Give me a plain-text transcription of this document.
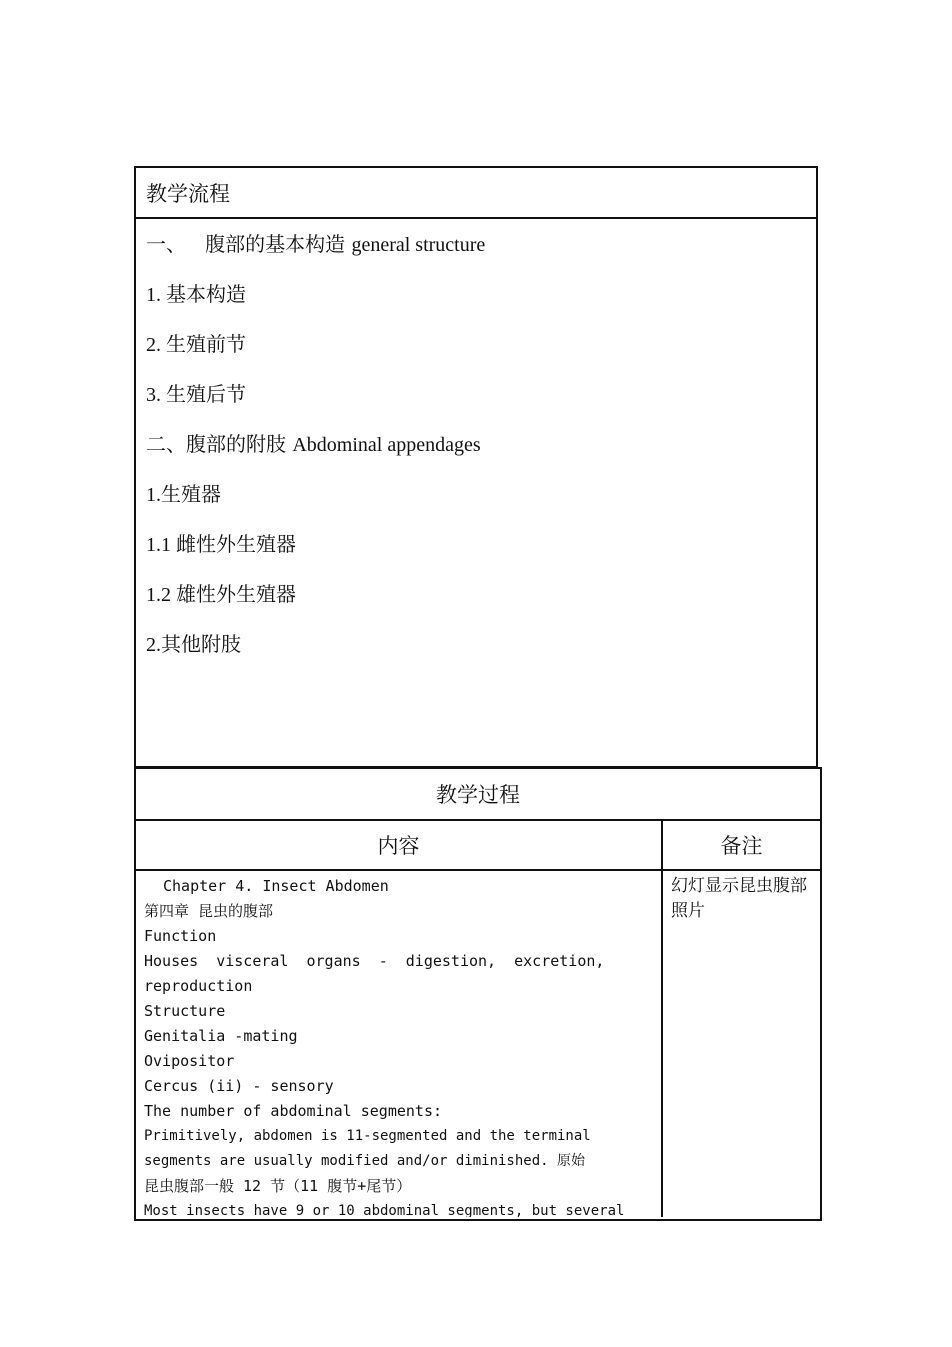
教学流程
一、 腹部的基本构造 general structure
1. 基本构造
2. 生殖前节
3. 生殖后节
二、腹部的附肢 Abdominal appendages
1.生殖器
1.1 雌性外生殖器
1.2 雄性外生殖器
2.其他附肢
教学过程
内容	备注
Chapter 4. Insect Abdomen
第四章 昆虫的腹部
Function
Houses visceral organs - digestion, excretion,
reproduction
Structure
Genitalia -mating
Ovipositor
Cercus (ii) - sensory
The number of abdominal segments:
Primitively, abdomen is 11-segmented and the terminal
segments are usually modified and/or diminished. 原始
昆虫腹部一般 12 节（11 腹节+尾节）
Most insects have 9 or 10 abdominal segments, but several
幻灯显示昆虫腹部照片
